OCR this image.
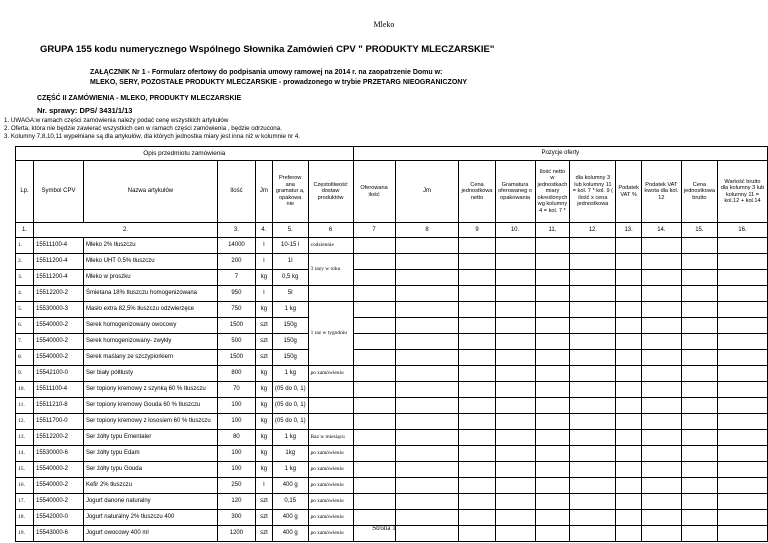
Mleko
GRUPA 155 kodu numerycznego Wspólnego Słownika Zamówień CPV " PRODUKTY MLECZARSKIE"
ZAŁĄCZNIK Nr 1 - Formularz ofertowy do podpisania umowy ramowej na 2014 r. na zaopatrzenie Domu w:
MLEKO, SERY, POZOSTAŁE PRODUKTY MLECZARSKIE - prowadzonego w trybie PRZETARG NIEOGRANICZONY
CZĘŚĆ II ZAMÓWIENIA - MLEKO, PRODUKTY MLECZARSKIE
Nr. sprawy: DPS/ 3431/1/13
1. UWAGA:w ramach części zamówienia należy podać cenę wszystkich artykułów
2. Oferta, która nie będzie zawierać wszystkich cen w ramach części zamówienia , będzie odrzucona.
3. Kolumny 7,8,10,11 wypełniane są dla artykułów, dla których jednostka miary jest inna niż w kolumnie nr 4.
Opis przedmiotu zamówienia							Pozycje oferty									
Lp.	Symbol CPV	Nazwa artykułów	Ilość	Jm	Preferow ana gramatur a, opakowa nie	Częstotliwość dostaw produktów	Oferowana ilość	Jm	Cena jednostkowa netto	Gramatura oferowaneg o opakowania	Ilość netto w jednostkach miary określonych wg kolumny 4 = kol. 7 *	dla kolumny 3 lub kolumny 11 = kol. 7 * kol. 9 ( ilość x cena jednostkowa	Podatek VAT %	Podatek VAT kwota dla kol. 12	Cena jednostkowa brutto	Wartość brutto dla kolumny 3 lub kolumny 11 = kol.12 + kol.14
1.	2.		3.	4.	5.	6	7	8	9	10.	11.	12.	13.	14.	15.	16.
1.	15511100-4	Mleko 2% tłuszczu	14000	l	10-15 l	codziennie										
2.	15511200-4	Mleko UHT 0.5% tłuszczu	200	l	1l	3 razy w roku										
3.	15511200-4	Mleko w proszku	7	kg	0,5 kg											
4.	15512200-2	Śmietana 18% tłuszczu homogenizowana	950	l	5l											
5.	15530000-3	Masło extra 82,5% tłuszczu odzwierzęce	750	kg	1 kg	1 raz w tygodniu										
6.	15540000-2	Serek homogenizowany owocowy	1500	szt	150g											
7.	15540000-2	Serek homogenizowany- zwykły	500	szt	150g											
8.	15540000-2	Serek maślany ze szczypiorkiem	1500	szt	150g											
9.	15542100-0	Ser biały półtłusty	800	kg	1 kg	po zamówieniu										
10.	15511100-4	Ser topiony kremowy z szynką 60 % tłuszczu	70	kg	(05 do 0, 1)											
11.	15511210-8	Ser topiony kremowy Gouda 60 % tłuszczu	100	kg	(05 do 0, 1)											
12.	15511700-0	Ser topiony kremowy z łososiem 60 % tłuszczu	100	kg	(05 do 0, 1)											
13.	15512200-2	Ser żółty typu Ementaler	80	kg	1 kg	Raz w miesiącu										
14.	15530000-6	Ser żółty typu Edam	100	kg	1kg	po zamówieniu										
15.	15540000-2	Ser żółty typu Gouda	100	kg	1 kg	po zamówieniu										
16.	15540000-2	Kefir 2% tłuszczu	250	l	400 g	po zamówieniu										
17.	15540000-2	Jogurt danone naturalny	120	szt	0,15	po zamówieniu										
18.	15542000-0	Jogurt naturalny 2% tłuszczu 400	300	szt	400 g	po zamówieniu										
19.	15543000-6	Jogurt owocowy 400 ml	1200	szt	400 g	po zamówieniu										
Strona 1
